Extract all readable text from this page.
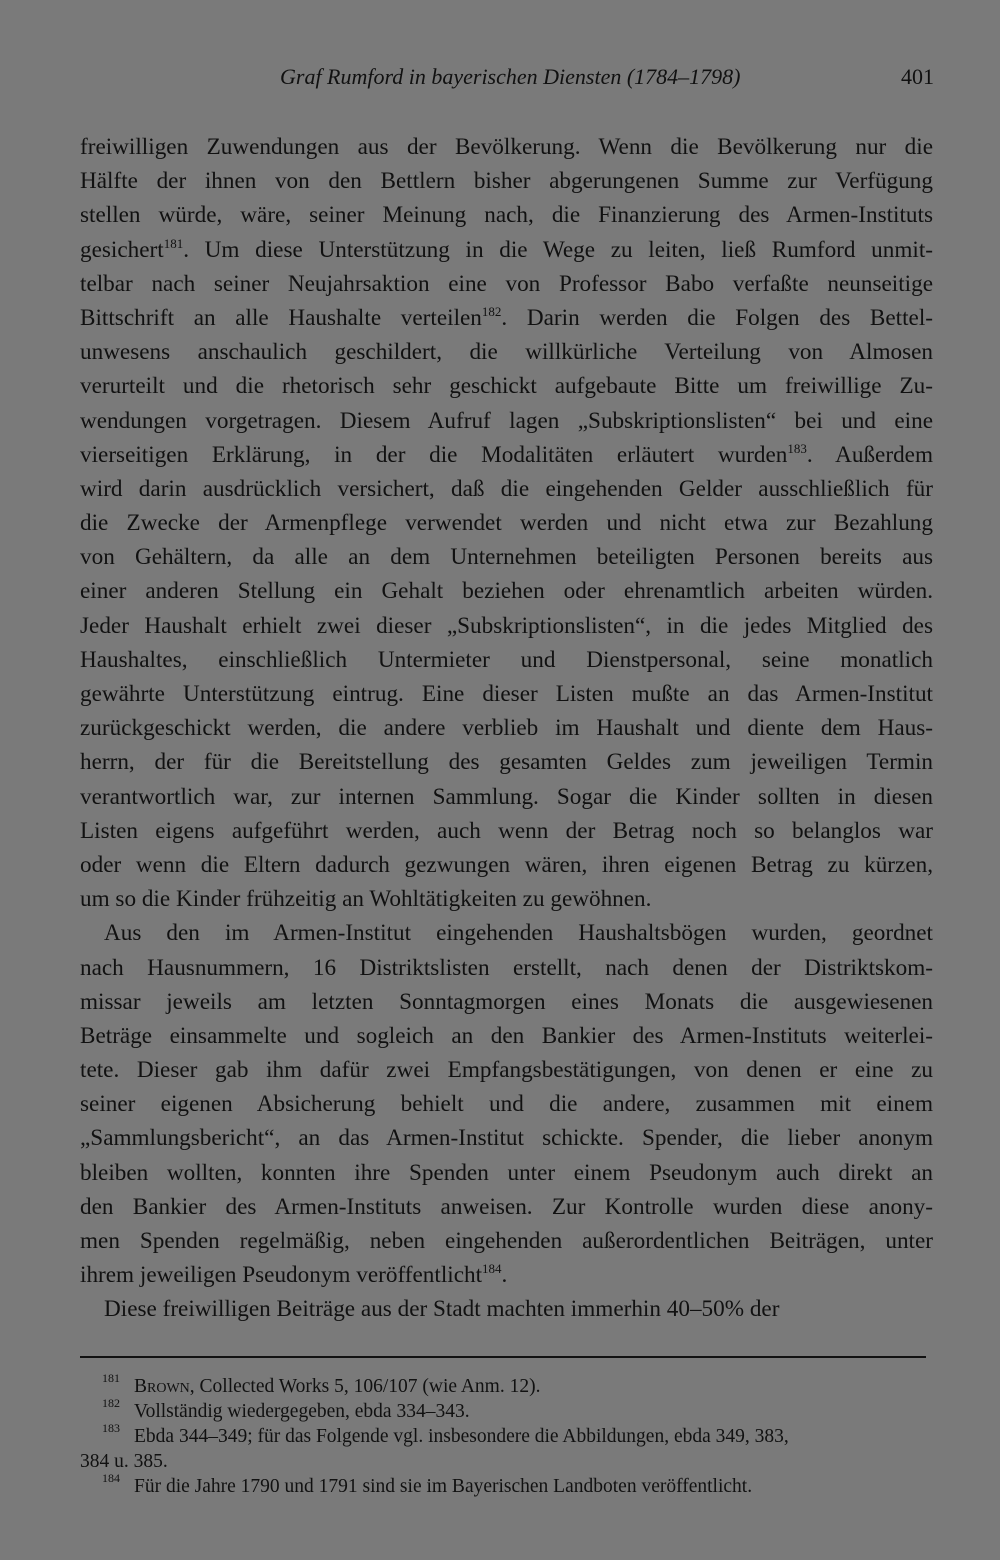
Graf Rumford in bayerischen Diensten (1784–1798)	401
freiwilligen Zuwendungen aus der Bevölkerung. Wenn die Bevölkerung nur die
Hälfte der ihnen von den Bettlern bisher abgerungenen Summe zur Verfügung
stellen würde, wäre, seiner Meinung nach, die Finanzierung des Armen-Instituts
gesichert$^{181}$. Um diese Unterstützung in die Wege zu leiten, ließ Rumford unmit-
telbar nach seiner Neujahrsaktion eine von Professor Babo verfaßte neunseitige
Bittschrift an alle Haushalte verteilen$^{182}$. Darin werden die Folgen des Bettel-
unwesens anschaulich geschildert, die willkürliche Verteilung von Almosen
verurteilt und die rhetorisch sehr geschickt aufgebaute Bitte um freiwillige Zu-
wendungen vorgetragen. Diesem Aufruf lagen „Subskriptionslisten“ bei und eine
vierseitigen Erklärung, in der die Modalitäten erläutert wurden$^{183}$. Außerdem
wird darin ausdrücklich versichert, daß die eingehenden Gelder ausschließlich für
die Zwecke der Armenpflege verwendet werden und nicht etwa zur Bezahlung
von Gehältern, da alle an dem Unternehmen beteiligten Personen bereits aus
einer anderen Stellung ein Gehalt beziehen oder ehrenamtlich arbeiten würden.
Jeder Haushalt erhielt zwei dieser „Subskriptionslisten“, in die jedes Mitglied des
Haushaltes, einschließlich Untermieter und Dienstpersonal, seine monatlich
gewährte Unterstützung eintrug. Eine dieser Listen mußte an das Armen-Institut
zurückgeschickt werden, die andere verblieb im Haushalt und diente dem Haus-
herrn, der für die Bereitstellung des gesamten Geldes zum jeweiligen Termin
verantwortlich war, zur internen Sammlung. Sogar die Kinder sollten in diesen
Listen eigens aufgeführt werden, auch wenn der Betrag noch so belanglos war
oder wenn die Eltern dadurch gezwungen wären, ihren eigenen Betrag zu kürzen,
um so die Kinder frühzeitig an Wohltätigkeiten zu gewöhnen.
Aus den im Armen-Institut eingehenden Haushaltsbögen wurden, geordnet
nach Hausnummern, 16 Distriktslisten erstellt, nach denen der Distriktskom-
missar jeweils am letzten Sonntagmorgen eines Monats die ausgewiesenen
Beträge einsammelte und sogleich an den Bankier des Armen-Instituts weiterlei-
tete. Dieser gab ihm dafür zwei Empfangsbestätigungen, von denen er eine zu
seiner eigenen Absicherung behielt und die andere, zusammen mit einem
„Sammlungsbericht“, an das Armen-Institut schickte. Spender, die lieber anonym
bleiben wollten, konnten ihre Spenden unter einem Pseudonym auch direkt an
den Bankier des Armen-Instituts anweisen. Zur Kontrolle wurden diese anony-
men Spenden regelmäßig, neben eingehenden außerordentlichen Beiträgen, unter
ihrem jeweiligen Pseudonym veröffentlicht$^{184}$.
Diese freiwilligen Beiträge aus der Stadt machten immerhin 40–50% der
181 Brown, Collected Works 5, 106/107 (wie Anm. 12).
182 Vollständig wiedergegeben, ebda 334–343.
183 Ebda 344–349; für das Folgende vgl. insbesondere die Abbildungen, ebda 349, 383,
384 u. 385.
184 Für die Jahre 1790 und 1791 sind sie im Bayerischen Landboten veröffentlicht.
